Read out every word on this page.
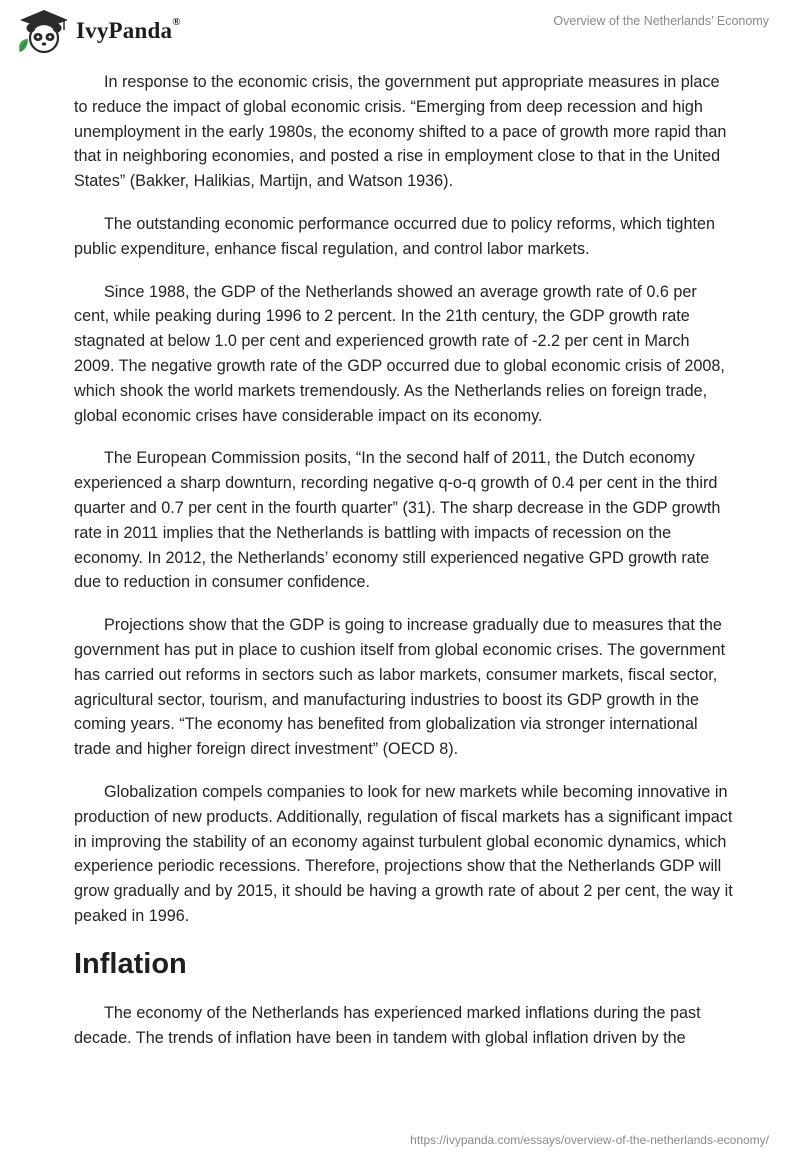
IvyPanda®	Overview of the Netherlands’ Economy

In response to the economic crisis, the government put appropriate measures in place to reduce the impact of global economic crisis. “Emerging from deep recession and high unemployment in the early 1980s, the economy shifted to a pace of growth more rapid than that in neighboring economies, and posted a rise in employment close to that in the United States” (Bakker, Halikias, Martijn, and Watson 1936).

The outstanding economic performance occurred due to policy reforms, which tighten public expenditure, enhance fiscal regulation, and control labor markets.

Since 1988, the GDP of the Netherlands showed an average growth rate of 0.6 per cent, while peaking during 1996 to 2 percent. In the 21th century, the GDP growth rate stagnated at below 1.0 per cent and experienced growth rate of -2.2 per cent in March 2009. The negative growth rate of the GDP occurred due to global economic crisis of 2008, which shook the world markets tremendously. As the Netherlands relies on foreign trade, global economic crises have considerable impact on its economy.

The European Commission posits, “In the second half of 2011, the Dutch economy experienced a sharp downturn, recording negative q-o-q growth of 0.4 per cent in the third quarter and 0.7 per cent in the fourth quarter” (31). The sharp decrease in the GDP growth rate in 2011 implies that the Netherlands is battling with impacts of recession on the economy. In 2012, the Netherlands’ economy still experienced negative GPD growth rate due to reduction in consumer confidence.

Projections show that the GDP is going to increase gradually due to measures that the government has put in place to cushion itself from global economic crises. The government has carried out reforms in sectors such as labor markets, consumer markets, fiscal sector, agricultural sector, tourism, and manufacturing industries to boost its GDP growth in the coming years. “The economy has benefited from globalization via stronger international trade and higher foreign direct investment” (OECD 8).

Globalization compels companies to look for new markets while becoming innovative in production of new products. Additionally, regulation of fiscal markets has a significant impact in improving the stability of an economy against turbulent global economic dynamics, which experience periodic recessions. Therefore, projections show that the Netherlands GDP will grow gradually and by 2015, it should be having a growth rate of about 2 per cent, the way it peaked in 1996.

Inflation

The economy of the Netherlands has experienced marked inflations during the past decade. The trends of inflation have been in tandem with global inflation driven by the

https://ivypanda.com/essays/overview-of-the-netherlands-economy/
